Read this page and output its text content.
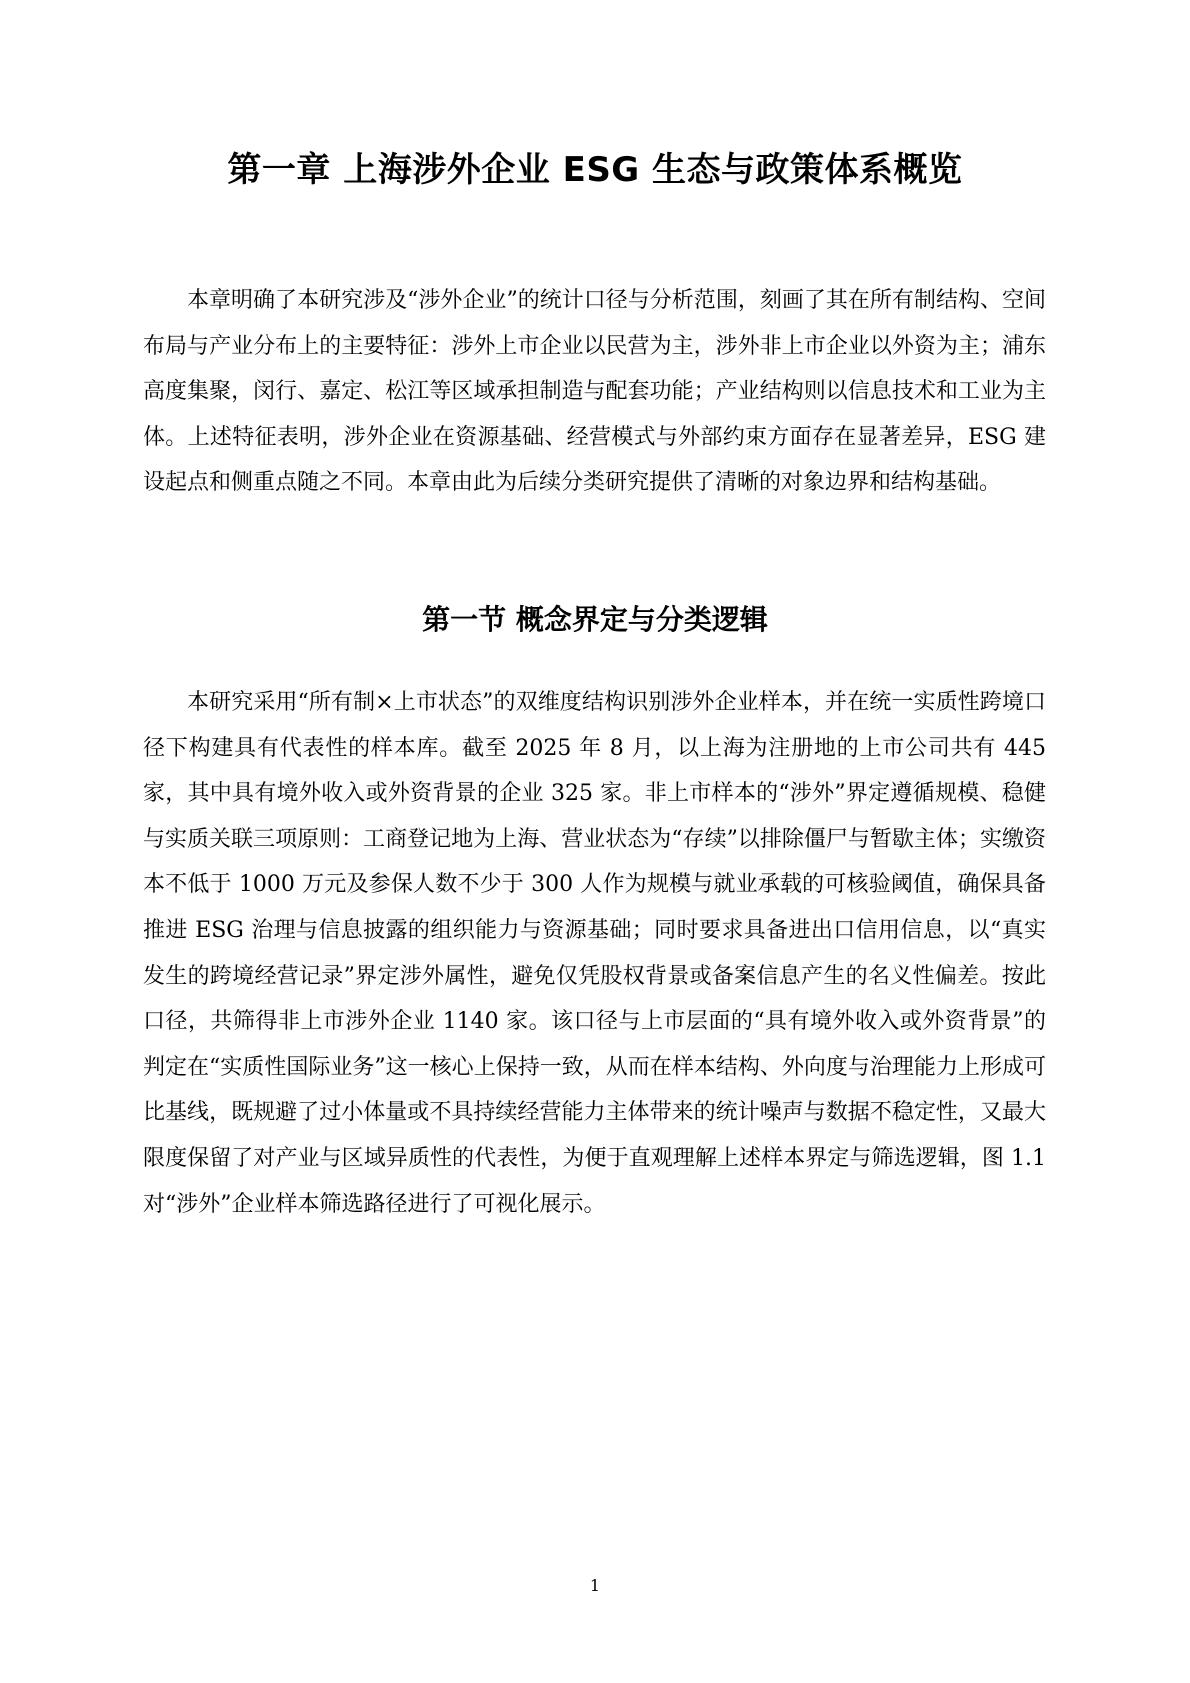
第一章 上海涉外企业 ESG 生态与政策体系概览

本章明确了本研究涉及“涉外企业”的统计口径与分析范围，刻画了其在所有制结构、空间布局与产业分布上的主要特征：涉外上市企业以民营为主，涉外非上市企业以外资为主；浦东高度集聚，闵行、嘉定、松江等区域承担制造与配套功能；产业结构则以信息技术和工业为主体。上述特征表明，涉外企业在资源基础、经营模式与外部约束方面存在显著差异，ESG 建设起点和侧重点随之不同。本章由此为后续分类研究提供了清晰的对象边界和结构基础。

第一节 概念界定与分类逻辑

本研究采用“所有制×上市状态”的双维度结构识别涉外企业样本，并在统一实质性跨境口径下构建具有代表性的样本库。截至 2025 年 8 月，以上海为注册地的上市公司共有 445 家，其中具有境外收入或外资背景的企业 325 家。非上市样本的“涉外”界定遵循规模、稳健与实质关联三项原则：工商登记地为上海、营业状态为“存续”以排除僵尸与暂歇主体；实缴资本不低于 1000 万元及参保人数不少于 300 人作为规模与就业承载的可核验阈值，确保具备推进 ESG 治理与信息披露的组织能力与资源基础；同时要求具备进出口信用信息，以“真实发生的跨境经营记录”界定涉外属性，避免仅凭股权背景或备案信息产生的名义性偏差。按此口径，共筛得非上市涉外企业 1140 家。该口径与上市层面的“具有境外收入或外资背景”的判定在“实质性国际业务”这一核心上保持一致，从而在样本结构、外向度与治理能力上形成可比基线，既规避了过小体量或不具持续经营能力主体带来的统计噪声与数据不稳定性，又最大限度保留了对产业与区域异质性的代表性，为便于直观理解上述样本界定与筛选逻辑，图 1.1 对“涉外”企业样本筛选路径进行了可视化展示。

1
